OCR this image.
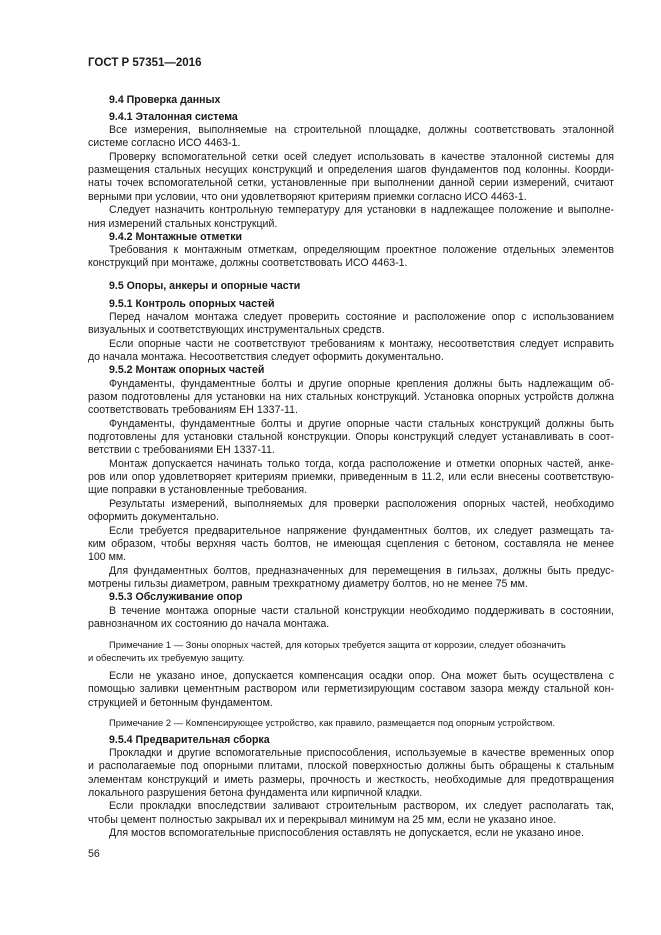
ГОСТ Р 57351—2016
9.4 Проверка данных
9.4.1 Эталонная система
Все измерения, выполняемые на строительной площадке, должны соответствовать эталонной
системе согласно ИСО 4463-1.
Проверку вспомогательной сетки осей следует использовать в качестве эталонной системы для
размещения стальных несущих конструкций и определения шагов фундаментов под колонны. Коорди-
наты точек вспомогательной сетки, установленные при выполнении данной серии измерений, считают
верными при условии, что они удовлетворяют критериям приемки согласно ИСО 4463-1.
Следует назначить контрольную температуру для установки в надлежащее положение и выполне-
ния измерений стальных конструкций.
9.4.2 Монтажные отметки
Требования к монтажным отметкам, определяющим проектное положение отдельных элементов
конструкций при монтаже, должны соответствовать ИСО 4463-1.
9.5 Опоры, анкеры и опорные части
9.5.1 Контроль опорных частей
Перед началом монтажа следует проверить состояние и расположение опор с использованием
визуальных и соответствующих инструментальных средств.
Если опорные части не соответствуют требованиям к монтажу, несоответствия следует исправить
до начала монтажа. Несоответствия следует оформить документально.
9.5.2 Монтаж опорных частей
Фундаменты, фундаментные болты и другие опорные крепления должны быть надлежащим об-
разом подготовлены для установки на них стальных конструкций. Установка опорных устройств должна
соответствовать требованиям ЕН 1337-11.
Фундаменты, фундаментные болты и другие опорные части стальных конструкций должны быть
подготовлены для установки стальной конструкции. Опоры конструкций следует устанавливать в соот-
ветствии с требованиями ЕН 1337-11.
Монтаж допускается начинать только тогда, когда расположение и отметки опорных частей, анке-
ров или опор удовлетворяет критериям приемки, приведенным в 11.2, или если внесены соответствую-
щие поправки в установленные требования.
Результаты измерений, выполняемых для проверки расположения опорных частей, необходимо
оформить документально.
Если требуется предварительное напряжение фундаментных болтов, их следует размещать та-
ким образом, чтобы верхняя часть болтов, не имеющая сцепления с бетоном, составляла не менее
100 мм.
Для фундаментных болтов, предназначенных для перемещения в гильзах, должны быть предус-
мотрены гильзы диаметром, равным трехкратному диаметру болтов, но не менее 75 мм.
9.5.3 Обслуживание опор
В течение монтажа опорные части стальной конструкции необходимо поддерживать в состоянии,
равнозначном их состоянию до начала монтажа.
Примечание 1 — Зоны опорных частей, для которых требуется защита от коррозии, следует обозначить
и обеспечить их требуемую защиту.
Если не указано иное, допускается компенсация осадки опор. Она может быть осуществлена с
помощью заливки цементным раствором или герметизирующим составом зазора между стальной кон-
струкцией и бетонным фундаментом.
Примечание 2 — Компенсирующее устройство, как правило, размещается под опорным устройством.
9.5.4 Предварительная сборка
Прокладки и другие вспомогательные приспособления, используемые в качестве временных опор
и располагаемые под опорными плитами, плоской поверхностью должны быть обращены к стальным
элементам конструкций и иметь размеры, прочность и жесткость, необходимые для предотвращения
локального разрушения бетона фундамента или кирпичной кладки.
Если прокладки впоследствии заливают строительным раствором, их следует располагать так,
чтобы цемент полностью закрывал их и перекрывал минимум на 25 мм, если не указано иное.
Для мостов вспомогательные приспособления оставлять не допускается, если не указано иное.
56
